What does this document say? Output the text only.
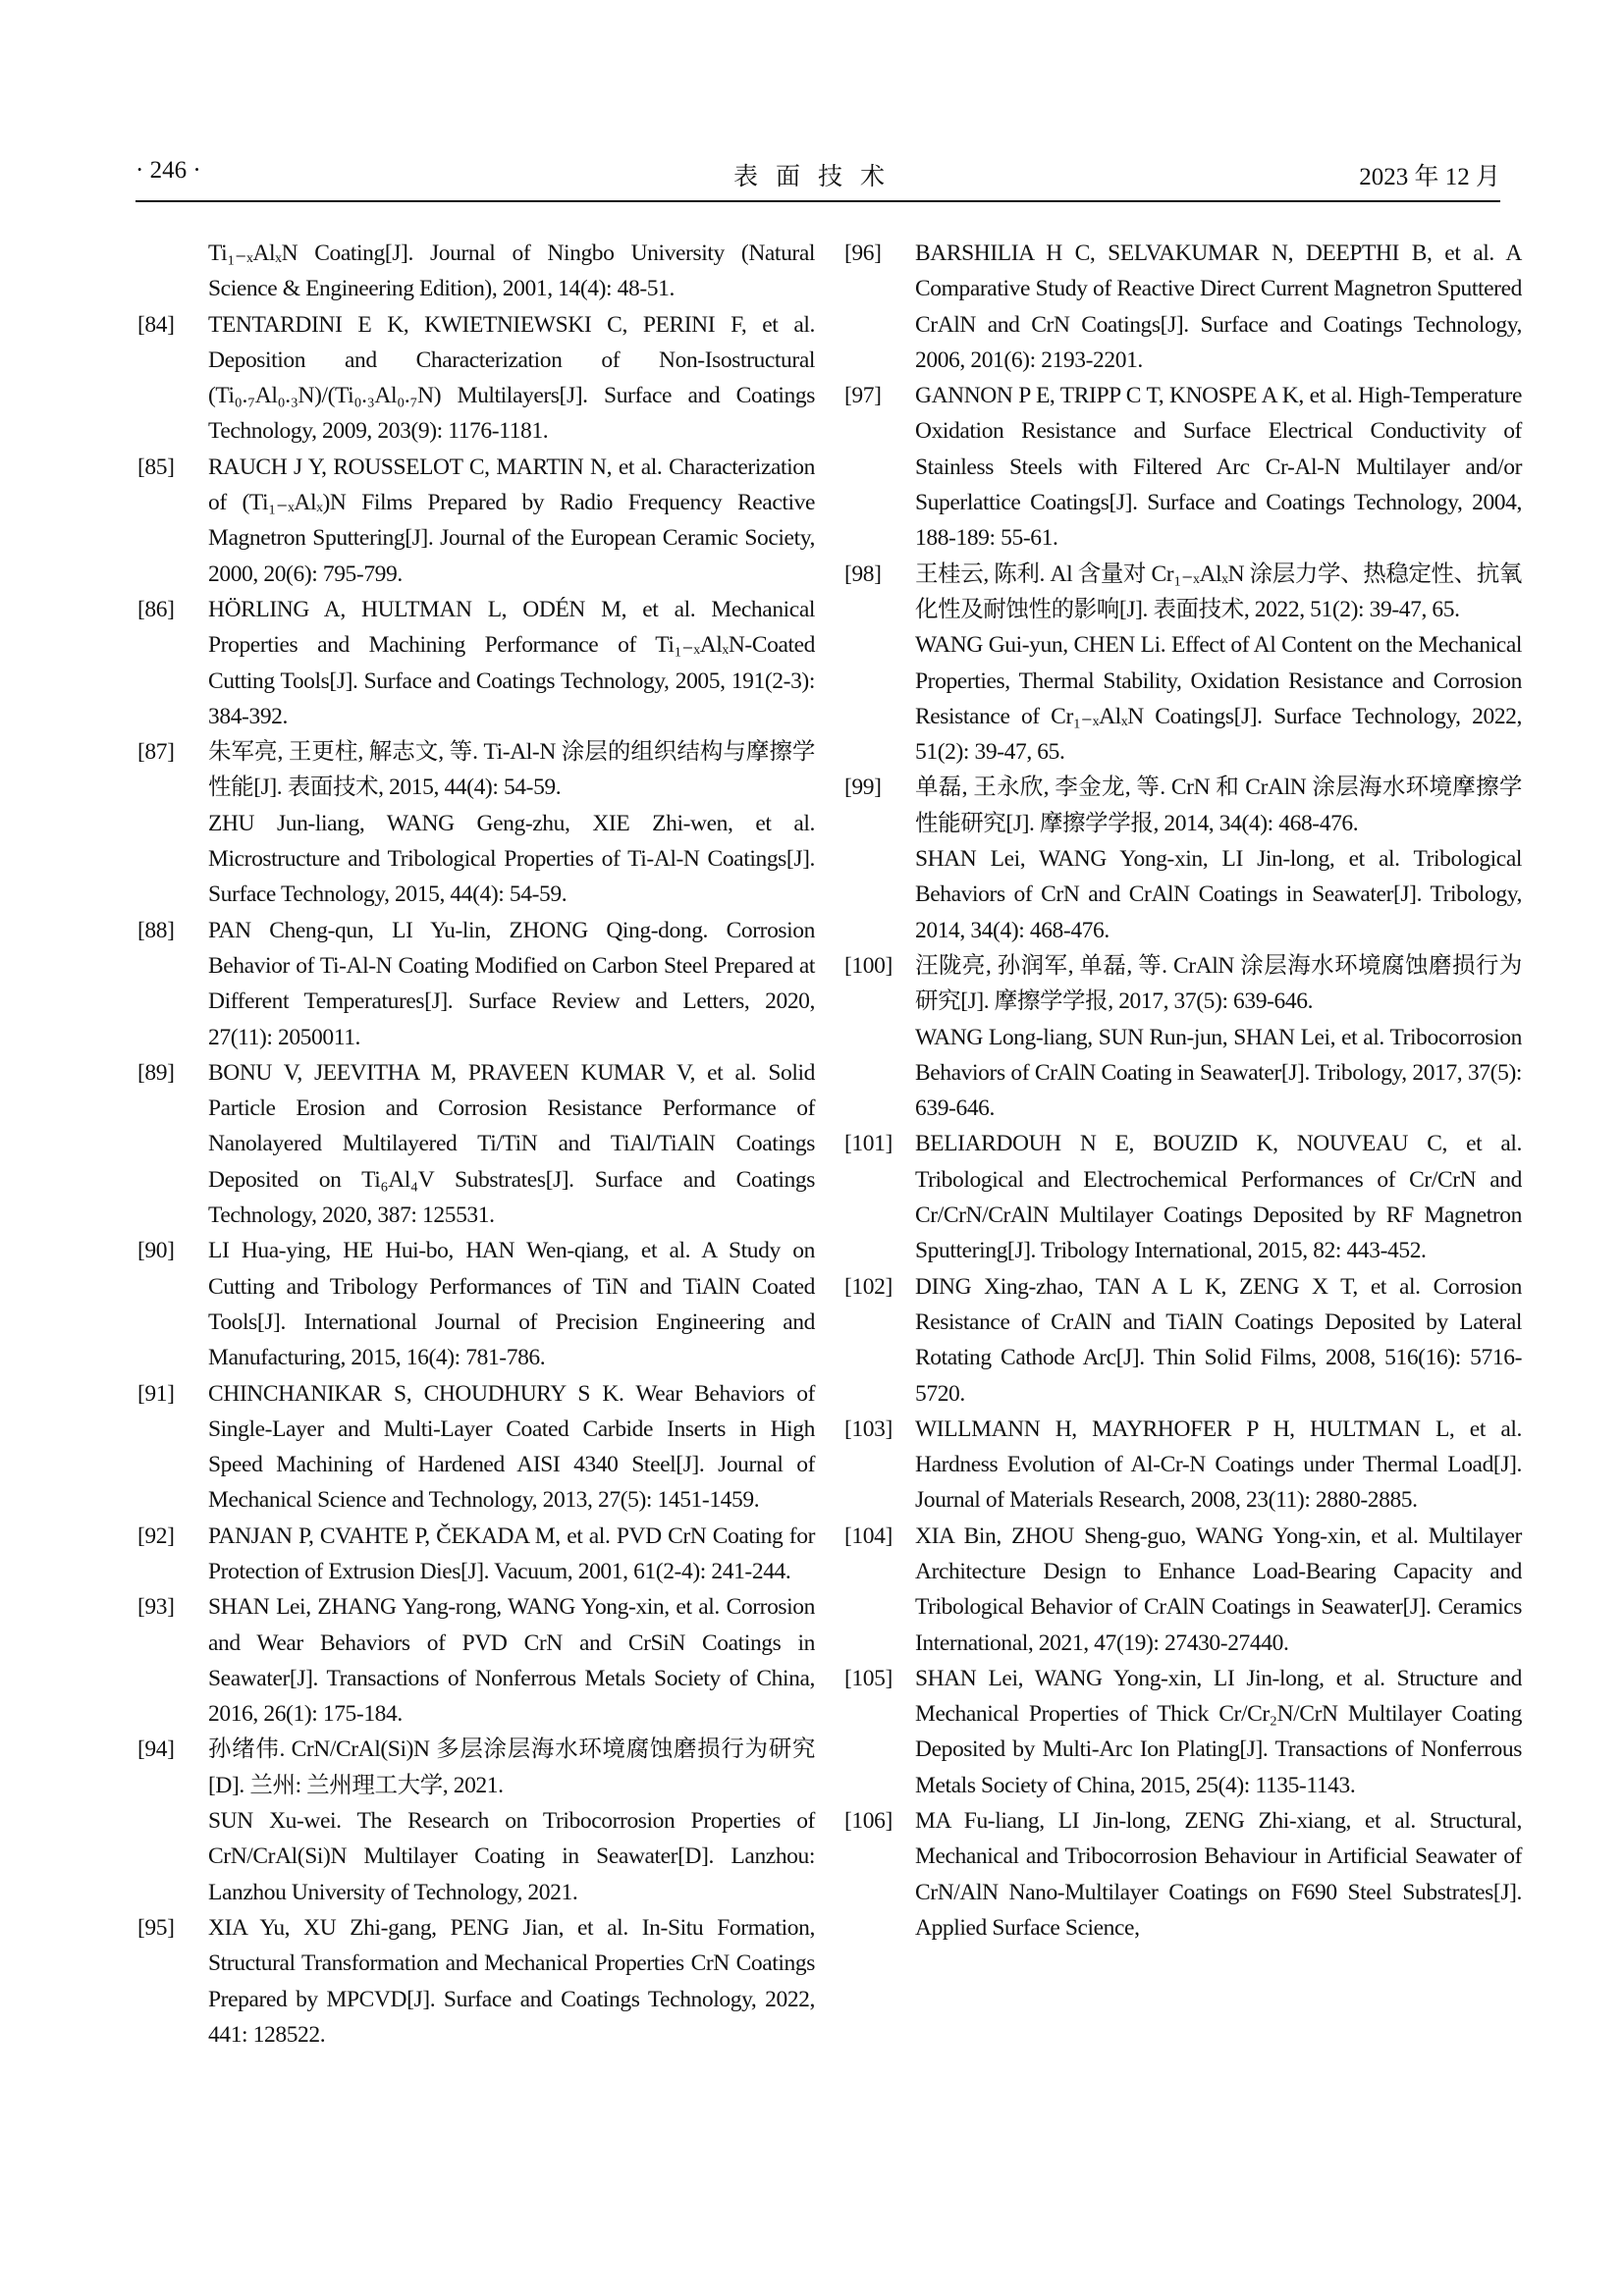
· 246 ·	表面技术	2023 年 12 月
Ti₁₋ₓAlₓN Coating[J]. Journal of Ningbo University (Natural Science & Engineering Edition), 2001, 14(4): 48-51.
[84] TENTARDINI E K, KWIETNIEWSKI C, PERINI F, et al. Deposition and Characterization of Non-Isostructural (Ti₀.₇Al₀.₃N)/(Ti₀.₃Al₀.₇N) Multilayers[J]. Surface and Coatings Technology, 2009, 203(9): 1176-1181.
[85] RAUCH J Y, ROUSSELOT C, MARTIN N, et al. Characterization of (Ti₁₋ₓAlₓ)N Films Prepared by Radio Frequency Reactive Magnetron Sputtering[J]. Journal of the European Ceramic Society, 2000, 20(6): 795-799.
[86] HÖRLING A, HULTMAN L, ODÉN M, et al. Mechanical Properties and Machining Performance of Ti₁₋ₓAlₓN-Coated Cutting Tools[J]. Surface and Coatings Technology, 2005, 191(2-3): 384-392.
[87] 朱军亮, 王更柱, 解志文, 等. Ti-Al-N 涂层的组织结构与摩擦学性能[J]. 表面技术, 2015, 44(4): 54-59.
ZHU Jun-liang, WANG Geng-zhu, XIE Zhi-wen, et al. Microstructure and Tribological Properties of Ti-Al-N Coatings[J]. Surface Technology, 2015, 44(4): 54-59.
[88] PAN Cheng-qun, LI Yu-lin, ZHONG Qing-dong. Corrosion Behavior of Ti-Al-N Coating Modified on Carbon Steel Prepared at Different Temperatures[J]. Surface Review and Letters, 2020, 27(11): 2050011.
[89] BONU V, JEEVITHA M, PRAVEEN KUMAR V, et al. Solid Particle Erosion and Corrosion Resistance Performance of Nanolayered Multilayered Ti/TiN and TiAl/TiAlN Coatings Deposited on Ti₆Al₄V Substrates[J]. Surface and Coatings Technology, 2020, 387: 125531.
[90] LI Hua-ying, HE Hui-bo, HAN Wen-qiang, et al. A Study on Cutting and Tribology Performances of TiN and TiAlN Coated Tools[J]. International Journal of Precision Engineering and Manufacturing, 2015, 16(4): 781-786.
[91] CHINCHANIKAR S, CHOUDHURY S K. Wear Behaviors of Single-Layer and Multi-Layer Coated Carbide Inserts in High Speed Machining of Hardened AISI 4340 Steel[J]. Journal of Mechanical Science and Technology, 2013, 27(5): 1451-1459.
[92] PANJAN P, CVAHTE P, ČEKADA M, et al. PVD CrN Coating for Protection of Extrusion Dies[J]. Vacuum, 2001, 61(2-4): 241-244.
[93] SHAN Lei, ZHANG Yang-rong, WANG Yong-xin, et al. Corrosion and Wear Behaviors of PVD CrN and CrSiN Coatings in Seawater[J]. Transactions of Nonferrous Metals Society of China, 2016, 26(1): 175-184.
[94] 孙绪伟. CrN/CrAl(Si)N 多层涂层海水环境腐蚀磨损行为研究[D]. 兰州: 兰州理工大学, 2021.
SUN Xu-wei. The Research on Tribocorrosion Properties of CrN/CrAl(Si)N Multilayer Coating in Seawater[D]. Lanzhou: Lanzhou University of Technology, 2021.
[95] XIA Yu, XU Zhi-gang, PENG Jian, et al. In-Situ Formation, Structural Transformation and Mechanical Properties CrN Coatings Prepared by MPCVD[J]. Surface and Coatings Technology, 2022, 441: 128522.
[96] BARSHILIA H C, SELVAKUMAR N, DEEPTHI B, et al. A Comparative Study of Reactive Direct Current Magnetron Sputtered CrAlN and CrN Coatings[J]. Surface and Coatings Technology, 2006, 201(6): 2193-2201.
[97] GANNON P E, TRIPP C T, KNOSPE A K, et al. High-Temperature Oxidation Resistance and Surface Electrical Conductivity of Stainless Steels with Filtered Arc Cr-Al-N Multilayer and/or Superlattice Coatings[J]. Surface and Coatings Technology, 2004, 188-189: 55-61.
[98] 王桂云, 陈利. Al 含量对 Cr₁₋ₓAlₓN 涂层力学、热稳定性、抗氧化性及耐蚀性的影响[J]. 表面技术, 2022, 51(2): 39-47, 65.
WANG Gui-yun, CHEN Li. Effect of Al Content on the Mechanical Properties, Thermal Stability, Oxidation Resistance and Corrosion Resistance of Cr₁₋ₓAlₓN Coatings[J]. Surface Technology, 2022, 51(2): 39-47, 65.
[99] 单磊, 王永欣, 李金龙, 等. CrN 和 CrAlN 涂层海水环境摩擦学性能研究[J]. 摩擦学学报, 2014, 34(4): 468-476.
SHAN Lei, WANG Yong-xin, LI Jin-long, et al. Tribological Behaviors of CrN and CrAlN Coatings in Seawater[J]. Tribology, 2014, 34(4): 468-476.
[100] 汪陇亮, 孙润军, 单磊, 等. CrAlN 涂层海水环境腐蚀磨损行为研究[J]. 摩擦学学报, 2017, 37(5): 639-646.
WANG Long-liang, SUN Run-jun, SHAN Lei, et al. Tribocorrosion Behaviors of CrAlN Coating in Seawater[J]. Tribology, 2017, 37(5): 639-646.
[101] BELIARDOUH N E, BOUZID K, NOUVEAU C, et al. Tribological and Electrochemical Performances of Cr/CrN and Cr/CrN/CrAlN Multilayer Coatings Deposited by RF Magnetron Sputtering[J]. Tribology International, 2015, 82: 443-452.
[102] DING Xing-zhao, TAN A L K, ZENG X T, et al. Corrosion Resistance of CrAlN and TiAlN Coatings Deposited by Lateral Rotating Cathode Arc[J]. Thin Solid Films, 2008, 516(16): 5716-5720.
[103] WILLMANN H, MAYRHOFER P H, HULTMAN L, et al. Hardness Evolution of Al-Cr-N Coatings under Thermal Load[J]. Journal of Materials Research, 2008, 23(11): 2880-2885.
[104] XIA Bin, ZHOU Sheng-guo, WANG Yong-xin, et al. Multilayer Architecture Design to Enhance Load-Bearing Capacity and Tribological Behavior of CrAlN Coatings in Seawater[J]. Ceramics International, 2021, 47(19): 27430-27440.
[105] SHAN Lei, WANG Yong-xin, LI Jin-long, et al. Structure and Mechanical Properties of Thick Cr/Cr₂N/CrN Multilayer Coating Deposited by Multi-Arc Ion Plating[J]. Transactions of Nonferrous Metals Society of China, 2015, 25(4): 1135-1143.
[106] MA Fu-liang, LI Jin-long, ZENG Zhi-xiang, et al. Structural, Mechanical and Tribocorrosion Behaviour in Artificial Seawater of CrN/AlN Nano-Multilayer Coatings on F690 Steel Substrates[J]. Applied Surface Science,
